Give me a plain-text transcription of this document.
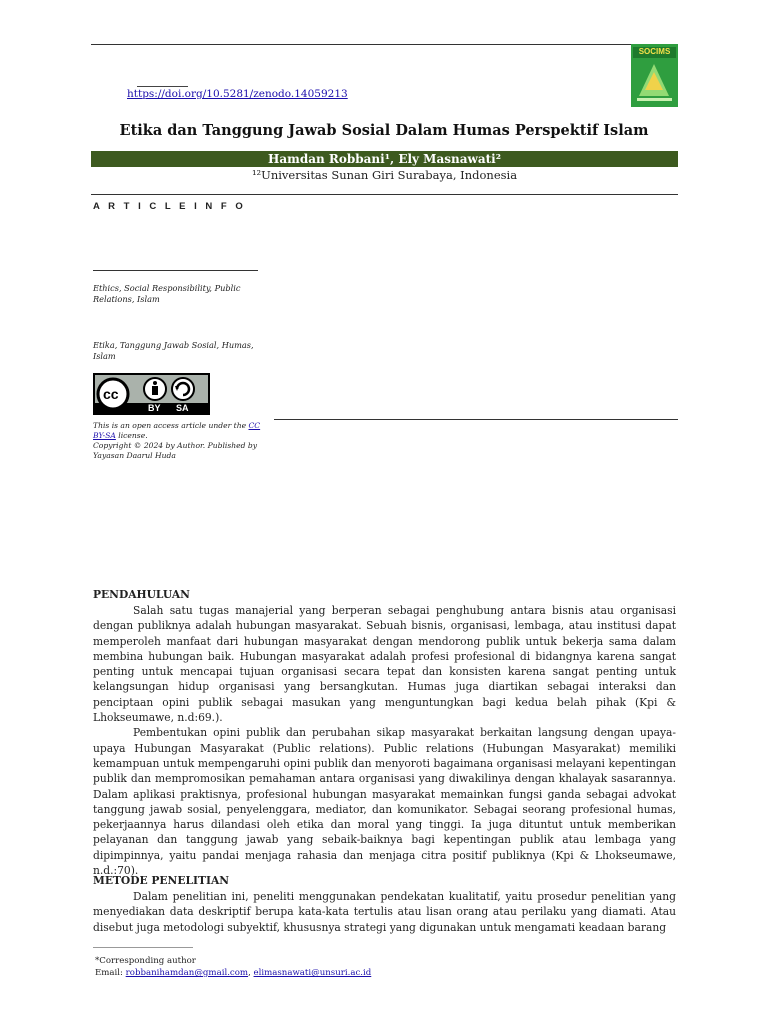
https://doi.org/10.5281/zenodo.14059213
SOCIMS
Etika dan Tanggung Jawab Sosial Dalam Humas Perspektif Islam
Hamdan Robbani¹, Ely Masnawati²
¹²Universitas Sunan Giri Surabaya, Indonesia
A R T I C L E I N F O
Ethics, Social Responsibility, Public Relations, Islam
Etika, Tanggung Jawab Sosial, Humas, Islam
cc
BY SA
This is an open access article under the CC BY-SA license.
Copyright © 2024 by Author. Published by Yayasan Daarul Huda
PENDAHULUAN

Salah satu tugas manajerial yang berperan sebagai penghubung antara bisnis atau organisasi dengan publiknya adalah hubungan masyarakat. Sebuah bisnis, organisasi, lembaga, atau institusi dapat memperoleh manfaat dari hubungan masyarakat dengan mendorong publik untuk bekerja sama dalam membina hubungan baik. Hubungan masyarakat adalah profesi profesional di bidangnya karena sangat penting untuk mencapai tujuan organisasi secara tepat dan konsisten karena sangat penting untuk kelangsungan hidup organisasi yang bersangkutan. Humas juga diartikan sebagai interaksi dan penciptaan opini publik sebagai masukan yang menguntungkan bagi kedua belah pihak (Kpi & Lhokseumawe, n.d:69.).

Pembentukan opini publik dan perubahan sikap masyarakat berkaitan langsung dengan upaya-upaya Hubungan Masyarakat (Public relations). Public relations (Hubungan Masyarakat) memiliki kemampuan untuk mempengaruhi opini publik dan menyoroti bagaimana organisasi melayani kepentingan publik dan mempromosikan pemahaman antara organisasi yang diwakilinya dengan khalayak sasarannya. Dalam aplikasi praktisnya, profesional hubungan masyarakat memainkan fungsi ganda sebagai advokat tanggung jawab sosial, penyelenggara, mediator, dan komunikator. Sebagai seorang profesional humas, pekerjaannya harus dilandasi oleh etika dan moral yang tinggi. Ia juga dituntut untuk memberikan pelayanan dan tanggung jawab yang sebaik-baiknya bagi kepentingan publik atau lembaga yang dipimpinnya, yaitu pandai menjaga rahasia dan menjaga citra positif publiknya (Kpi & Lhokseumawe, n.d.:70).

METODE PENELITIAN

Dalam penelitian ini, peneliti menggunakan pendekatan kualitatif, yaitu prosedur penelitian yang menyediakan data deskriptif berupa kata-kata tertulis atau lisan orang atau perilaku yang diamati. Atau disebut juga metodologi subyektif, khususnya strategi yang digunakan untuk mengamati keadaan barang

*Corresponding author
Email: robbanihamdan@gmail.com, elimasnawati@unsuri.ac.id
